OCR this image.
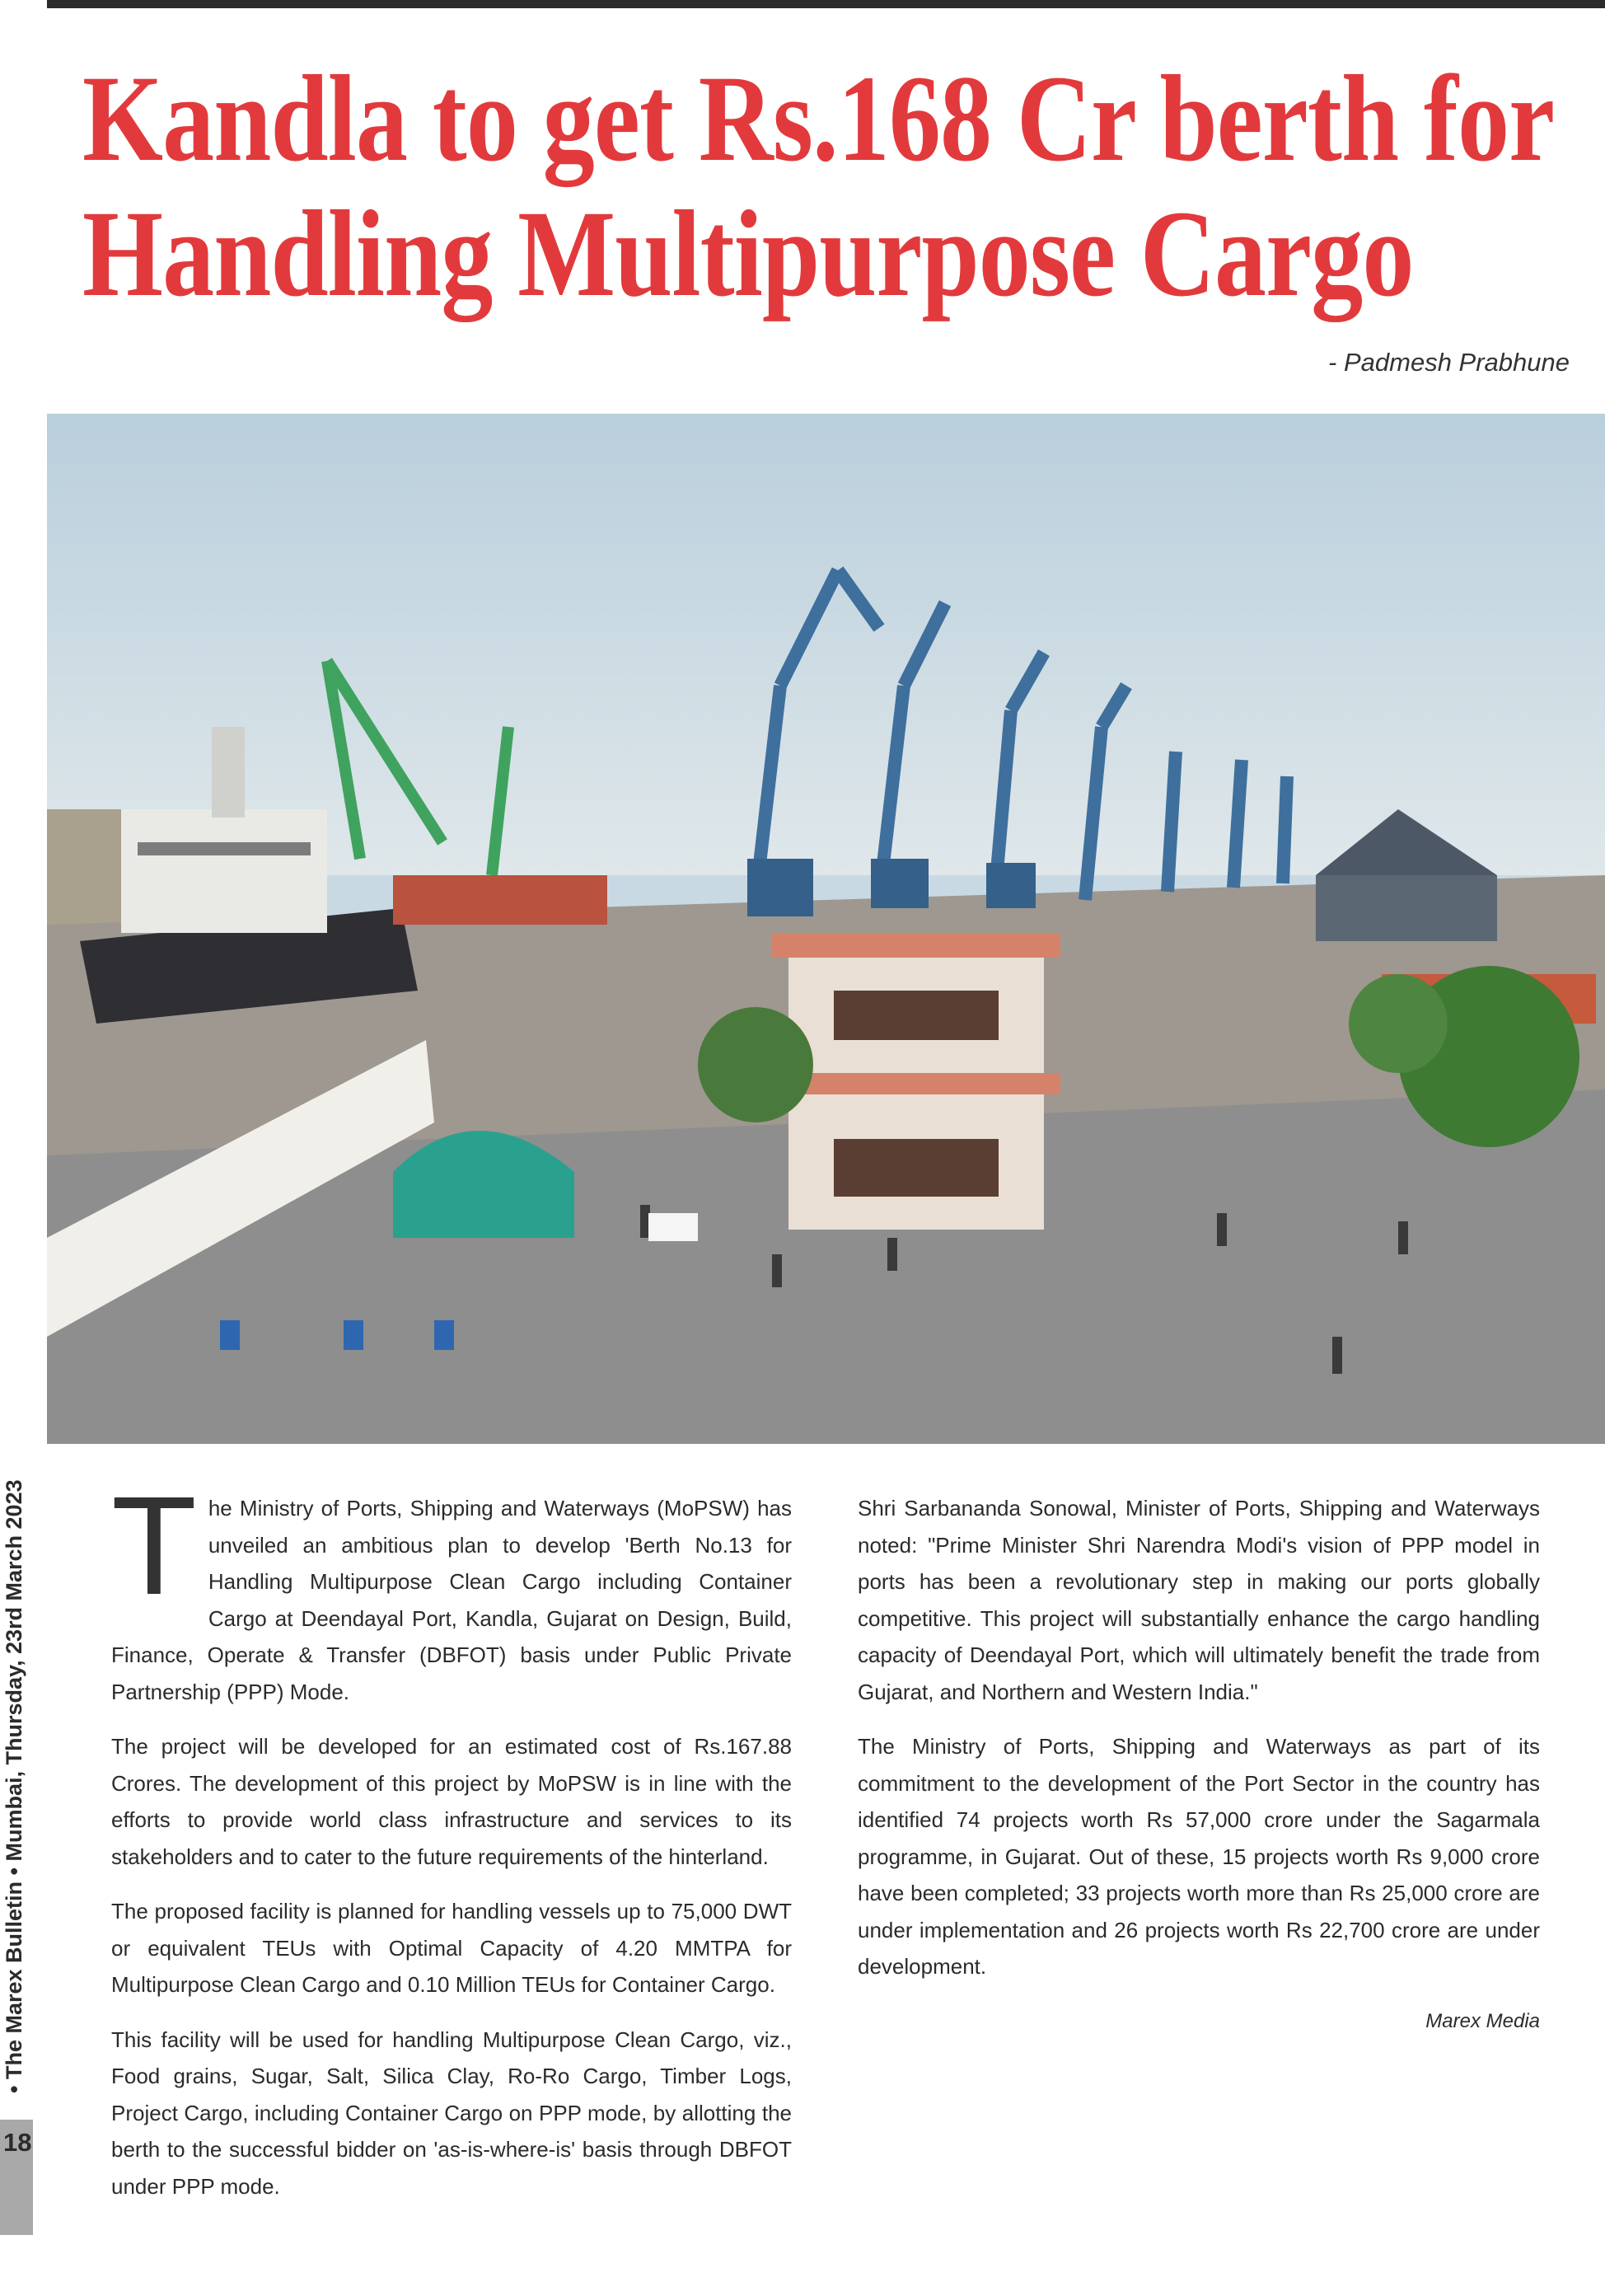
Kandla to get Rs.168 Cr berth for
Handling Multipurpose Cargo
- Padmesh Prabhune
• The Marex Bulletin • Mumbai, Thursday, 23rd March 2023
18

The Ministry of Ports, Shipping and Waterways (MoPSW) has unveiled an ambitious plan to develop 'Berth No.13 for Handling Multipurpose Clean Cargo including Container Cargo at Deendayal Port, Kandla, Gujarat on Design, Build, Finance, Operate & Transfer (DBFOT) basis under Public Private Partnership (PPP) Mode.

The project will be developed for an estimated cost of Rs.167.88 Crores. The development of this project by MoPSW is in line with the efforts to provide world class infrastructure and services to its stakeholders and to cater to the future requirements of the hinterland.

The proposed facility is planned for handling vessels up to 75,000 DWT or equivalent TEUs with Optimal Capacity of 4.20 MMTPA for Multipurpose Clean Cargo and 0.10 Million TEUs for Container Cargo.

This facility will be used for handling Multipurpose Clean Cargo, viz., Food grains, Sugar, Salt, Silica Clay, Ro-Ro Cargo, Timber Logs, Project Cargo, including Container Cargo on PPP mode, by allotting the berth to the successful bidder on 'as-is-where-is' basis through DBFOT under PPP mode.

Shri Sarbananda Sonowal, Minister of Ports, Shipping and Waterways noted: "Prime Minister Shri Narendra Modi's vision of PPP model in ports has been a revolutionary step in making our ports globally competitive. This project will substantially enhance the cargo handling capacity of Deendayal Port, which will ultimately benefit the trade from Gujarat, and Northern and Western India."

The Ministry of Ports, Shipping and Waterways as part of its commitment to the development of the Port Sector in the country has identified 74 projects worth Rs 57,000 crore under the Sagarmala programme, in Gujarat. Out of these, 15 projects worth Rs 9,000 crore have been completed; 33 projects worth more than Rs 25,000 crore are under implementation and 26 projects worth Rs 22,700 crore are under development.

Marex Media
